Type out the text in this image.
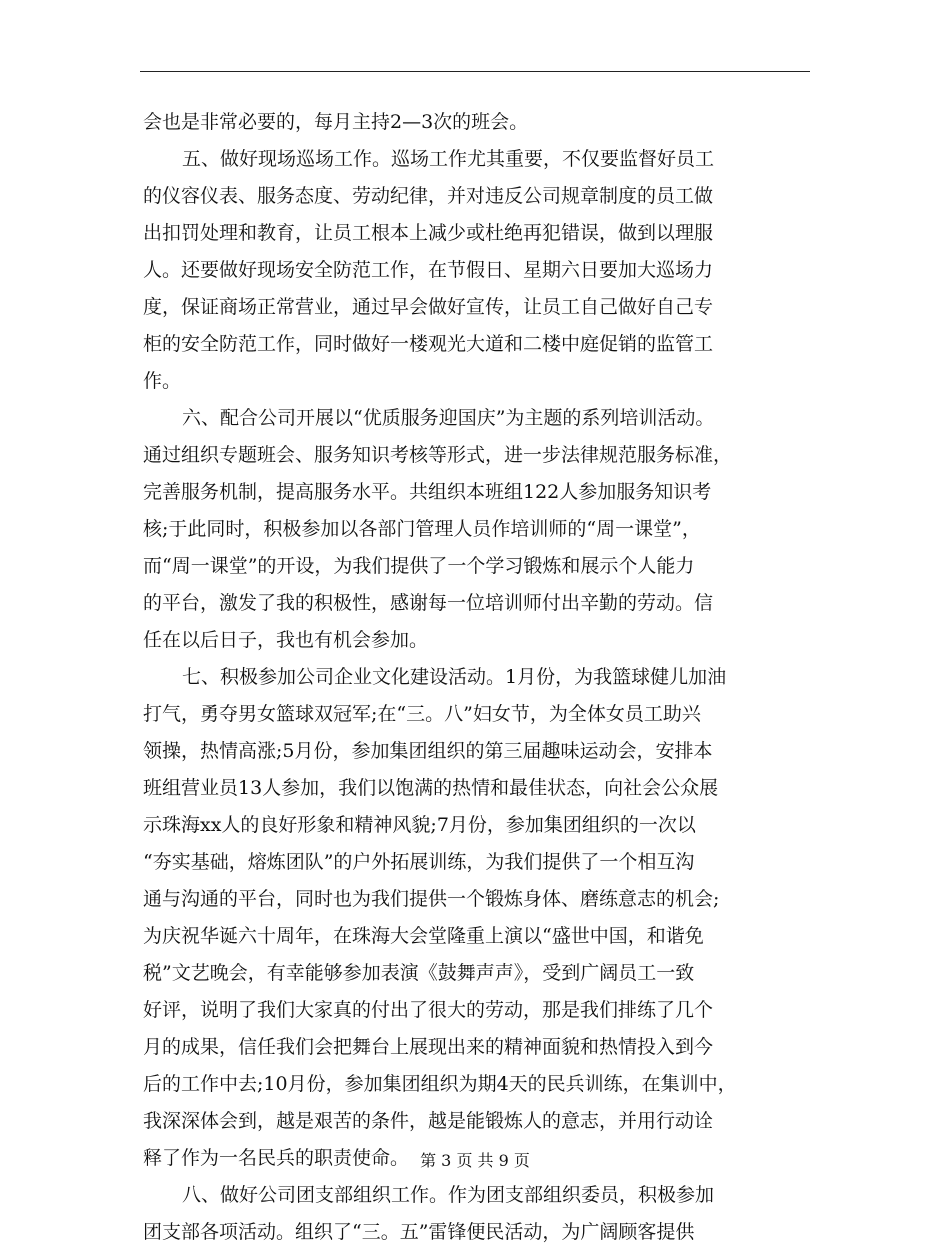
会也是非常必要的，每月主持2—3次的班会。
五、做好现场巡场工作。巡场工作尤其重要，不仅要监督好员工
的仪容仪表、服务态度、劳动纪律，并对违反公司规章制度的员工做
出扣罚处理和教育，让员工根本上减少或杜绝再犯错误，做到以理服
人。还要做好现场安全防范工作，在节假日、星期六日要加大巡场力
度，保证商场正常营业，通过早会做好宣传，让员工自己做好自己专
柜的安全防范工作，同时做好一楼观光大道和二楼中庭促销的监管工
作。
六、配合公司开展以“优质服务迎国庆”为主题的系列培训活动。
通过组织专题班会、服务知识考核等形式，进一步法律规范服务标准，
完善服务机制，提高服务水平。共组织本班组122人参加服务知识考
核;于此同时，积极参加以各部门管理人员作培训师的“周一课堂”，
而“周一课堂”的开设，为我们提供了一个学习锻炼和展示个人能力
的平台，激发了我的积极性，感谢每一位培训师付出辛勤的劳动。信
任在以后日子，我也有机会参加。
七、积极参加公司企业文化建设活动。1月份，为我篮球健儿加油
打气，勇夺男女篮球双冠军;在“三。八”妇女节，为全体女员工助兴
领操，热情高涨;5月份，参加集团组织的第三届趣味运动会，安排本
班组营业员13人参加，我们以饱满的热情和最佳状态，向社会公众展
示珠海xx人的良好形象和精神风貌;7月份，参加集团组织的一次以
“夯实基础，熔炼团队”的户外拓展训练，为我们提供了一个相互沟
通与沟通的平台，同时也为我们提供一个锻炼身体、磨练意志的机会;
为庆祝华诞六十周年，在珠海大会堂隆重上演以“盛世中国，和谐免
税”文艺晚会，有幸能够参加表演《鼓舞声声》，受到广阔员工一致
好评，说明了我们大家真的付出了很大的劳动，那是我们排练了几个
月的成果，信任我们会把舞台上展现出来的精神面貌和热情投入到今
后的工作中去;10月份，参加集团组织为期4天的民兵训练，在集训中，
我深深体会到，越是艰苦的条件，越是能锻炼人的意志，并用行动诠
释了作为一名民兵的职责使命。
八、做好公司团支部组织工作。作为团支部组织委员，积极参加
团支部各项活动。组织了“三。五”雷锋便民活动，为广阔顾客提供
第 3 页 共 9 页
